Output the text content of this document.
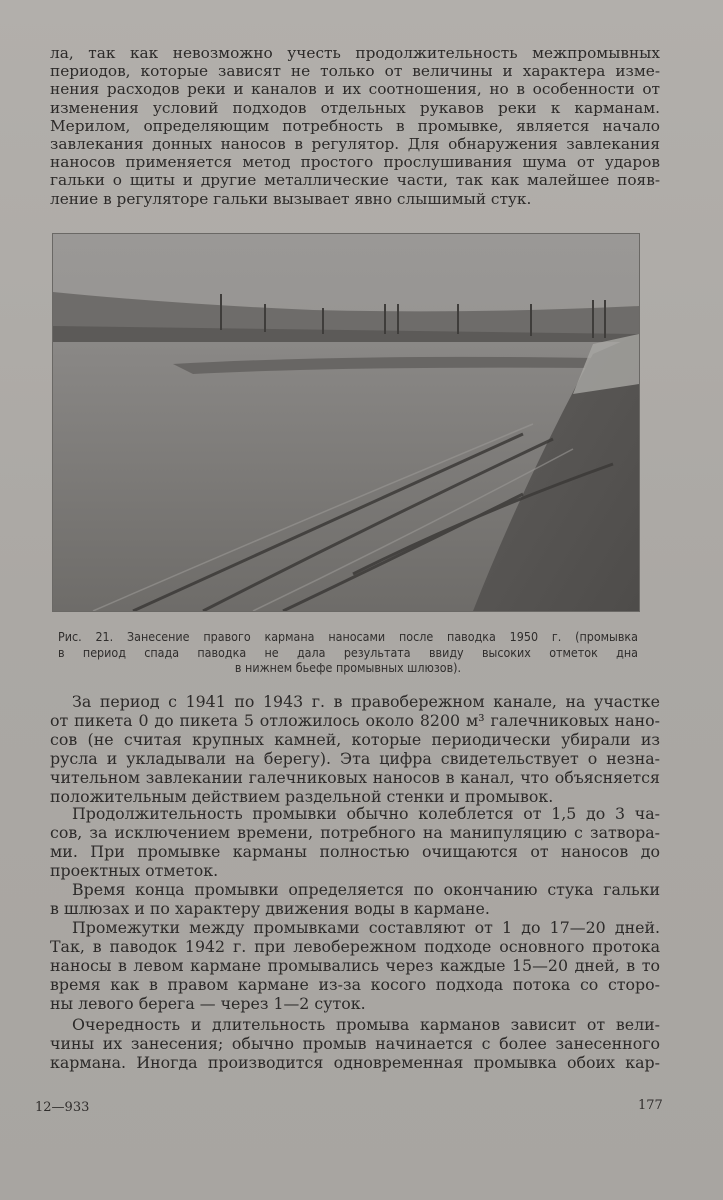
ла, так как невозможно учесть продолжительность межпромывных
периодов, которые зависят не только от величины и характера изме-
нения расходов реки и каналов и их соотношения, но в особенности от
изменения условий подходов отдельных рукавов реки к карманам.
Мерилом, определяющим потребность в промывке, является начало
завлекания донных наносов в регулятор. Для обнаружения завлекания
наносов применяется метод простого прослушивания шума от ударов
гальки о щиты и другие металлические части, так как малейшее появ-
ление в регуляторе гальки вызывает явно слышимый стук.

Рис. 21. Занесение правого кармана наносами после паводка 1950 г. (промывка
в период спада паводка не дала результата ввиду высоких отметок дна
в нижнем бьефе промывных шлюзов).

За период с 1941 по 1943 г. в правобережном канале, на участке
от пикета 0 до пикета 5 отложилось около 8200 м³ галечниковых нано-
сов (не считая крупных камней, которые периодически убирали из
русла и укладывали на берегу). Эта цифра свидетельствует о незна-
чительном завлекании галечниковых наносов в канал, что объясняется
положительным действием раздельной стенки и промывок.

Продолжительность промывки обычно колеблется от 1,5 до 3 ча-
сов, за исключением времени, потребного на манипуляцию с затвора-
ми. При промывке карманы полностью очищаются от наносов до
проектных отметок.

Время конца промывки определяется по окончанию стука гальки
в шлюзах и по характеру движения воды в кармане.

Промежутки между промывками составляют от 1 до 17—20 дней.
Так, в паводок 1942 г. при левобережном подходе основного протока
наносы в левом кармане промывались через каждые 15—20 дней, в то
время как в правом кармане из-за косого подхода потока со сторо-
ны левого берега — через 1—2 суток.

Очередность и длительность промыва карманов зависит от вели-
чины их занесения; обычно промыв начинается с более занесенного
кармана. Иногда производится одновременная промывка обоих кар-

12—933	177
